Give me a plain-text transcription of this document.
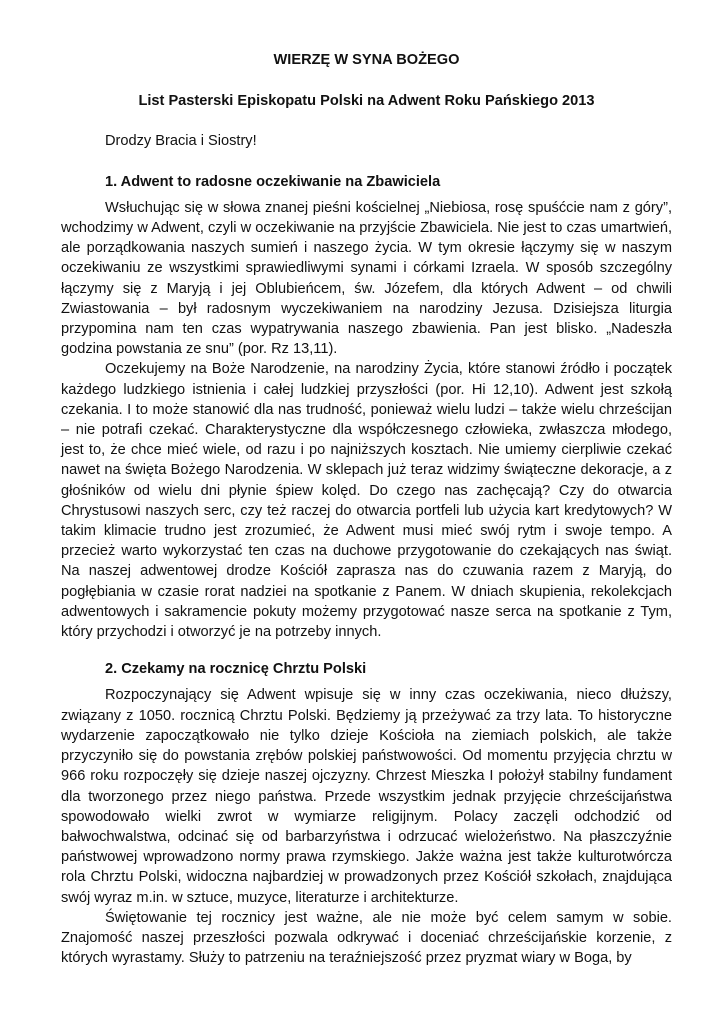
WIERZĘ W SYNA BOŻEGO
List Pasterski Episkopatu Polski na Adwent Roku Pańskiego 2013
Drodzy Bracia i Siostry!
1. Adwent to radosne oczekiwanie na Zbawiciela

Wsłuchując się w słowa znanej pieśni kościelnej „Niebiosa, rosę spuśćcie nam z góry”, wchodzimy w Adwent, czyli w oczekiwanie na przyjście Zbawiciela. Nie jest to czas umartwień, ale porządkowania naszych sumień i naszego życia. W tym okresie łączymy się w naszym oczekiwaniu ze wszystkimi sprawiedliwymi synami i córkami Izraela. W sposób szczególny łączymy się z Maryją i jej Oblubieńcem, św. Józefem, dla których Adwent – od chwili Zwiastowania – był radosnym wyczekiwaniem na narodziny Jezusa. Dzisiejsza liturgia przypomina nam ten czas wypatrywania naszego zbawienia. Pan jest blisko. „Nadeszła godzina powstania ze snu” (por. Rz 13,11).

Oczekujemy na Boże Narodzenie, na narodziny Życia, które stanowi źródło i początek każdego ludzkiego istnienia i całej ludzkiej przyszłości (por. Hi 12,10). Adwent jest szkołą czekania. I to może stanowić dla nas trudność, ponieważ wielu ludzi – także wielu chrześcijan – nie potrafi czekać. Charakterystyczne dla współczesnego człowieka, zwłaszcza młodego, jest to, że chce mieć wiele, od razu i po najniższych kosztach. Nie umiemy cierpliwie czekać nawet na święta Bożego Narodzenia. W sklepach już teraz widzimy świąteczne dekoracje, a z głośników od wielu dni płynie śpiew kolęd. Do czego nas zachęcają? Czy do otwarcia Chrystusowi naszych serc, czy też raczej do otwarcia portfeli lub użycia kart kredytowych? W takim klimacie trudno jest zrozumieć, że Adwent musi mieć swój rytm i swoje tempo. A przecież warto wykorzystać ten czas na duchowe przygotowanie do czekających nas świąt. Na naszej adwentowej drodze Kościół zaprasza nas do czuwania razem z Maryją, do pogłębiania w czasie rorat nadziei na spotkanie z Panem. W dniach skupienia, rekolekcjach adwentowych i sakramencie pokuty możemy przygotować nasze serca na spotkanie z Tym, który przychodzi i otworzyć je na potrzeby innych.

2. Czekamy na rocznicę Chrztu Polski

Rozpoczynający się Adwent wpisuje się w inny czas oczekiwania, nieco dłuższy, związany z 1050. rocznicą Chrztu Polski. Będziemy ją przeżywać za trzy lata. To historyczne wydarzenie zapoczątkowało nie tylko dzieje Kościoła na ziemiach polskich, ale także przyczyniło się do powstania zrębów polskiej państwowości. Od momentu przyjęcia chrztu w 966 roku rozpoczęły się dzieje naszej ojczyzny. Chrzest Mieszka I położył stabilny fundament dla tworzonego przez niego państwa. Przede wszystkim jednak przyjęcie chrześcijaństwa spowodowało wielki zwrot w wymiarze religijnym. Polacy zaczęli odchodzić od bałwochwalstwa, odcinać się od barbarzyństwa i odrzucać wielożeństwo. Na płaszczyźnie państwowej wprowadzono normy prawa rzymskiego. Jakże ważna jest także kulturotwórcza rola Chrztu Polski, widoczna najbardziej w prowadzonych przez Kościół szkołach, znajdująca swój wyraz m.in. w sztuce, muzyce, literaturze i architekturze.

Świętowanie tej rocznicy jest ważne, ale nie może być celem samym w sobie. Znajomość naszej przeszłości pozwala odkrywać i doceniać chrześcijańskie korzenie, z których wyrastamy. Służy to patrzeniu na teraźniejszość przez pryzmat wiary w Boga, by
